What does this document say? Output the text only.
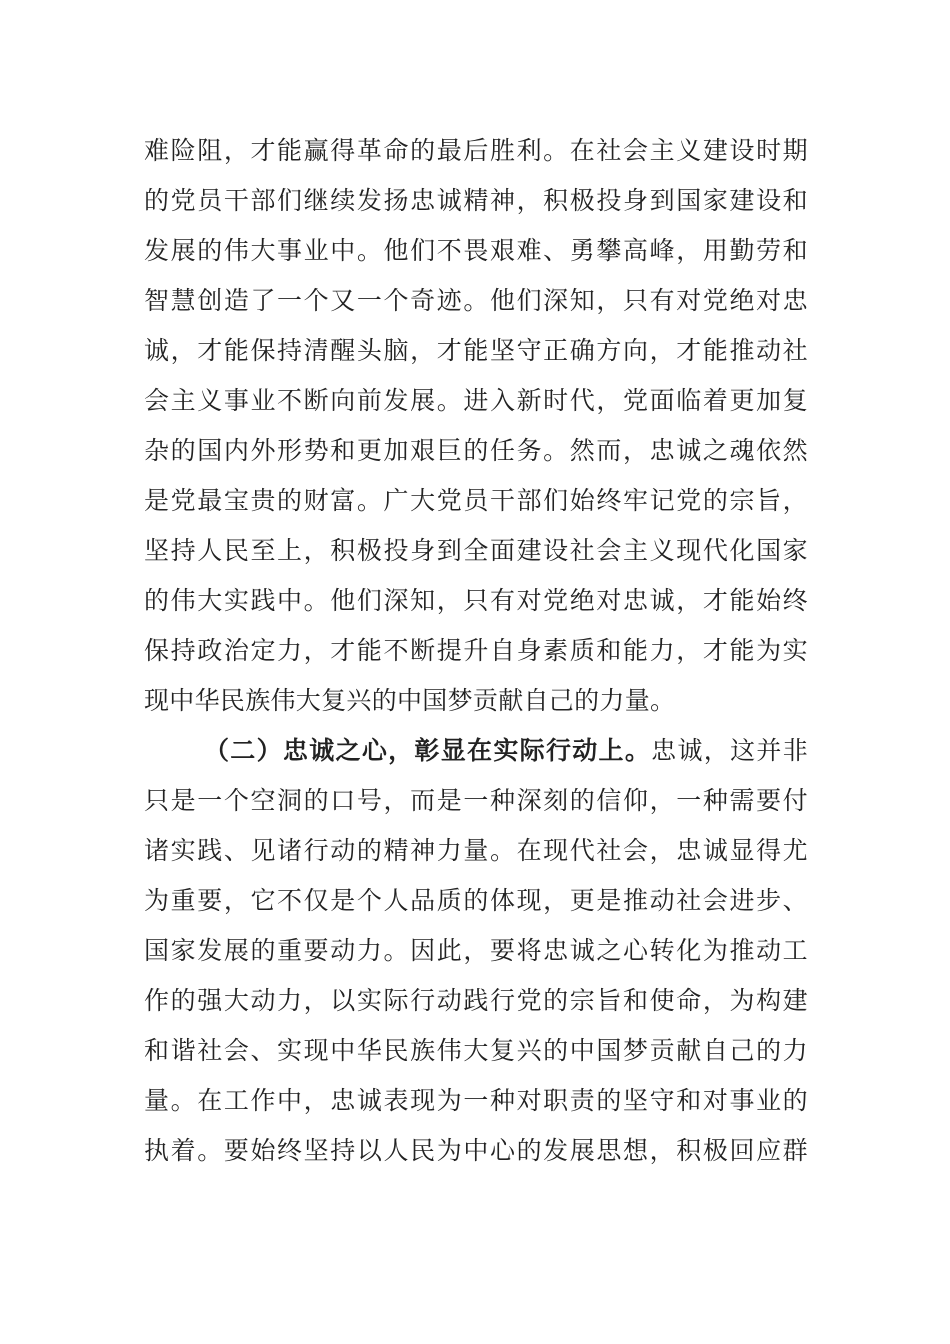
难险阻，才能赢得革命的最后胜利。在社会主义建设时期
的党员干部们继续发扬忠诚精神，积极投身到国家建设和
发展的伟大事业中。他们不畏艰难、勇攀高峰，用勤劳和
智慧创造了一个又一个奇迹。他们深知，只有对党绝对忠
诚，才能保持清醒头脑，才能坚守正确方向，才能推动社
会主义事业不断向前发展。进入新时代，党面临着更加复
杂的国内外形势和更加艰巨的任务。然而，忠诚之魂依然
是党最宝贵的财富。广大党员干部们始终牢记党的宗旨，
坚持人民至上，积极投身到全面建设社会主义现代化国家
的伟大实践中。他们深知，只有对党绝对忠诚，才能始终
保持政治定力，才能不断提升自身素质和能力，才能为实
现中华民族伟大复兴的中国梦贡献自己的力量。
（二）忠诚之心，彰显在实际行动上。忠诚，这并非
只是一个空洞的口号，而是一种深刻的信仰，一种需要付
诸实践、见诸行动的精神力量。在现代社会，忠诚显得尤
为重要，它不仅是个人品质的体现，更是推动社会进步、
国家发展的重要动力。因此，要将忠诚之心转化为推动工
作的强大动力，以实际行动践行党的宗旨和使命，为构建
和谐社会、实现中华民族伟大复兴的中国梦贡献自己的力
量。在工作中，忠诚表现为一种对职责的坚守和对事业的
执着。要始终坚持以人民为中心的发展思想，积极回应群
